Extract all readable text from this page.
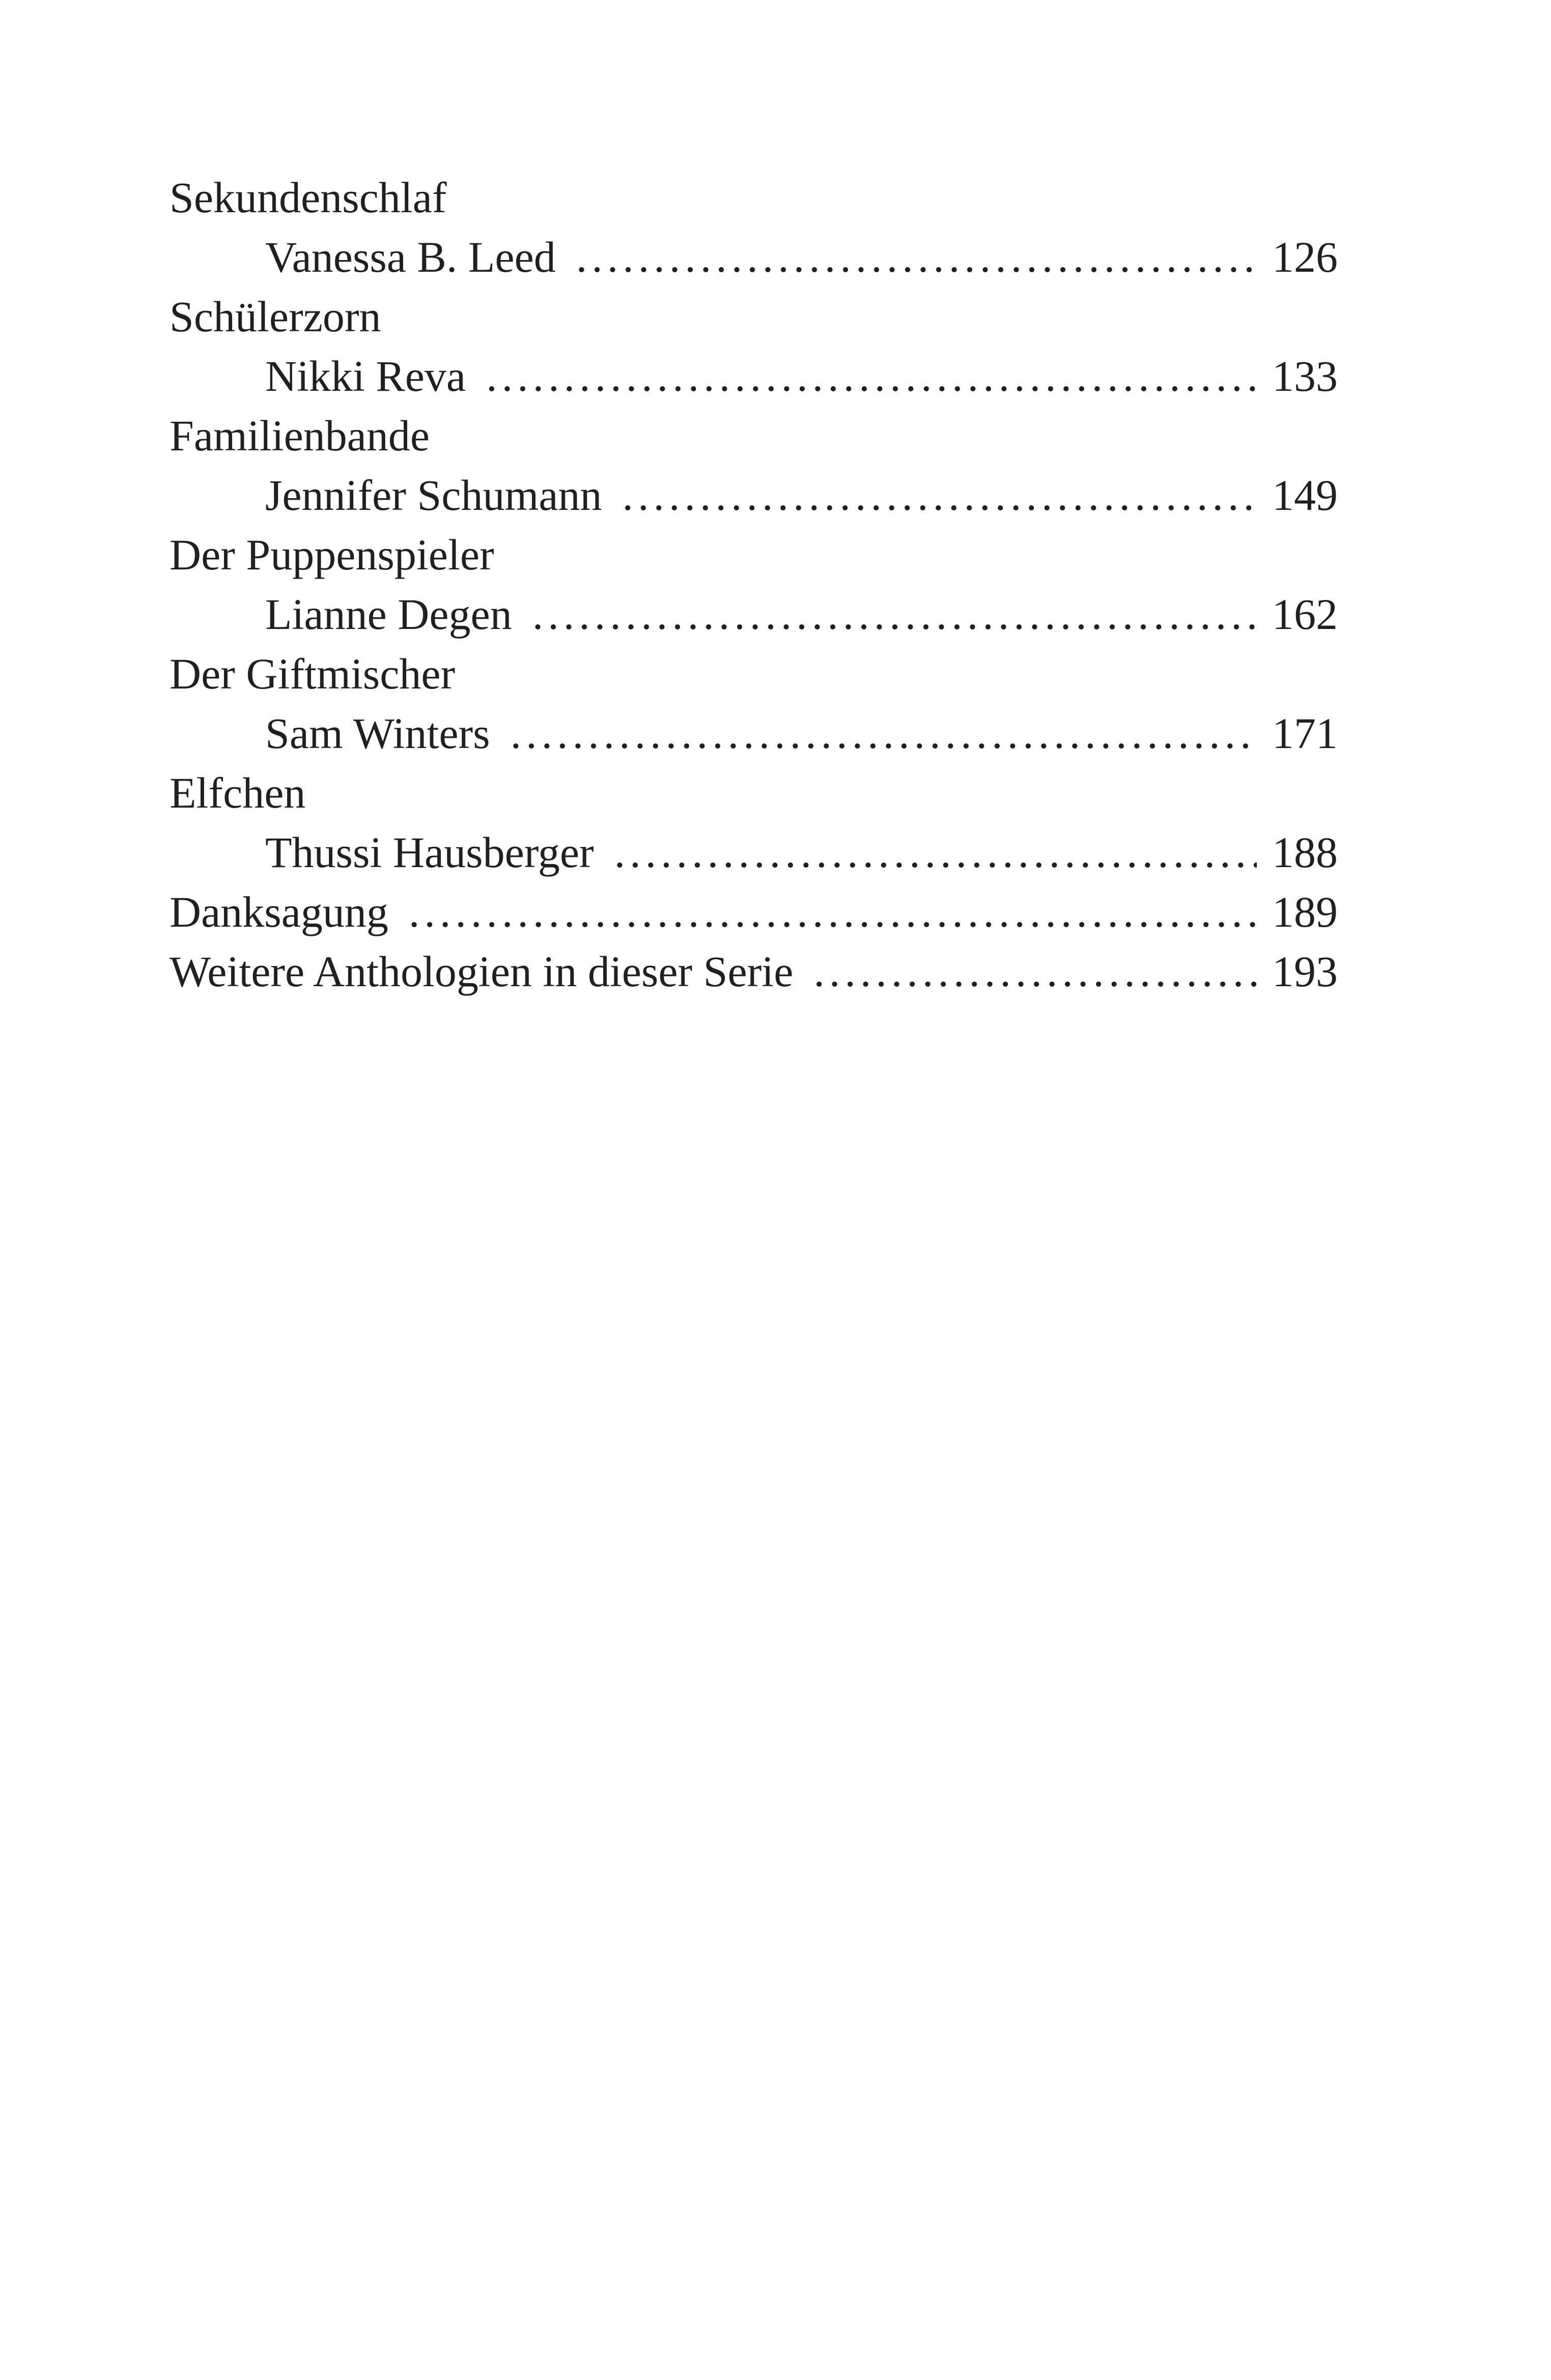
Sekundenschlaf
Vanessa B. Leed .....	126
Schülerzorn
Nikki Reva .....	133
Familienbande
Jennifer Schumann .....	149
Der Puppenspieler
Lianne Degen .....	162
Der Giftmischer
Sam Winters .....	171
Elfchen
Thussi Hausberger .....	188
Danksagung .....	189
Weitere Anthologien in dieser Serie .....	193
